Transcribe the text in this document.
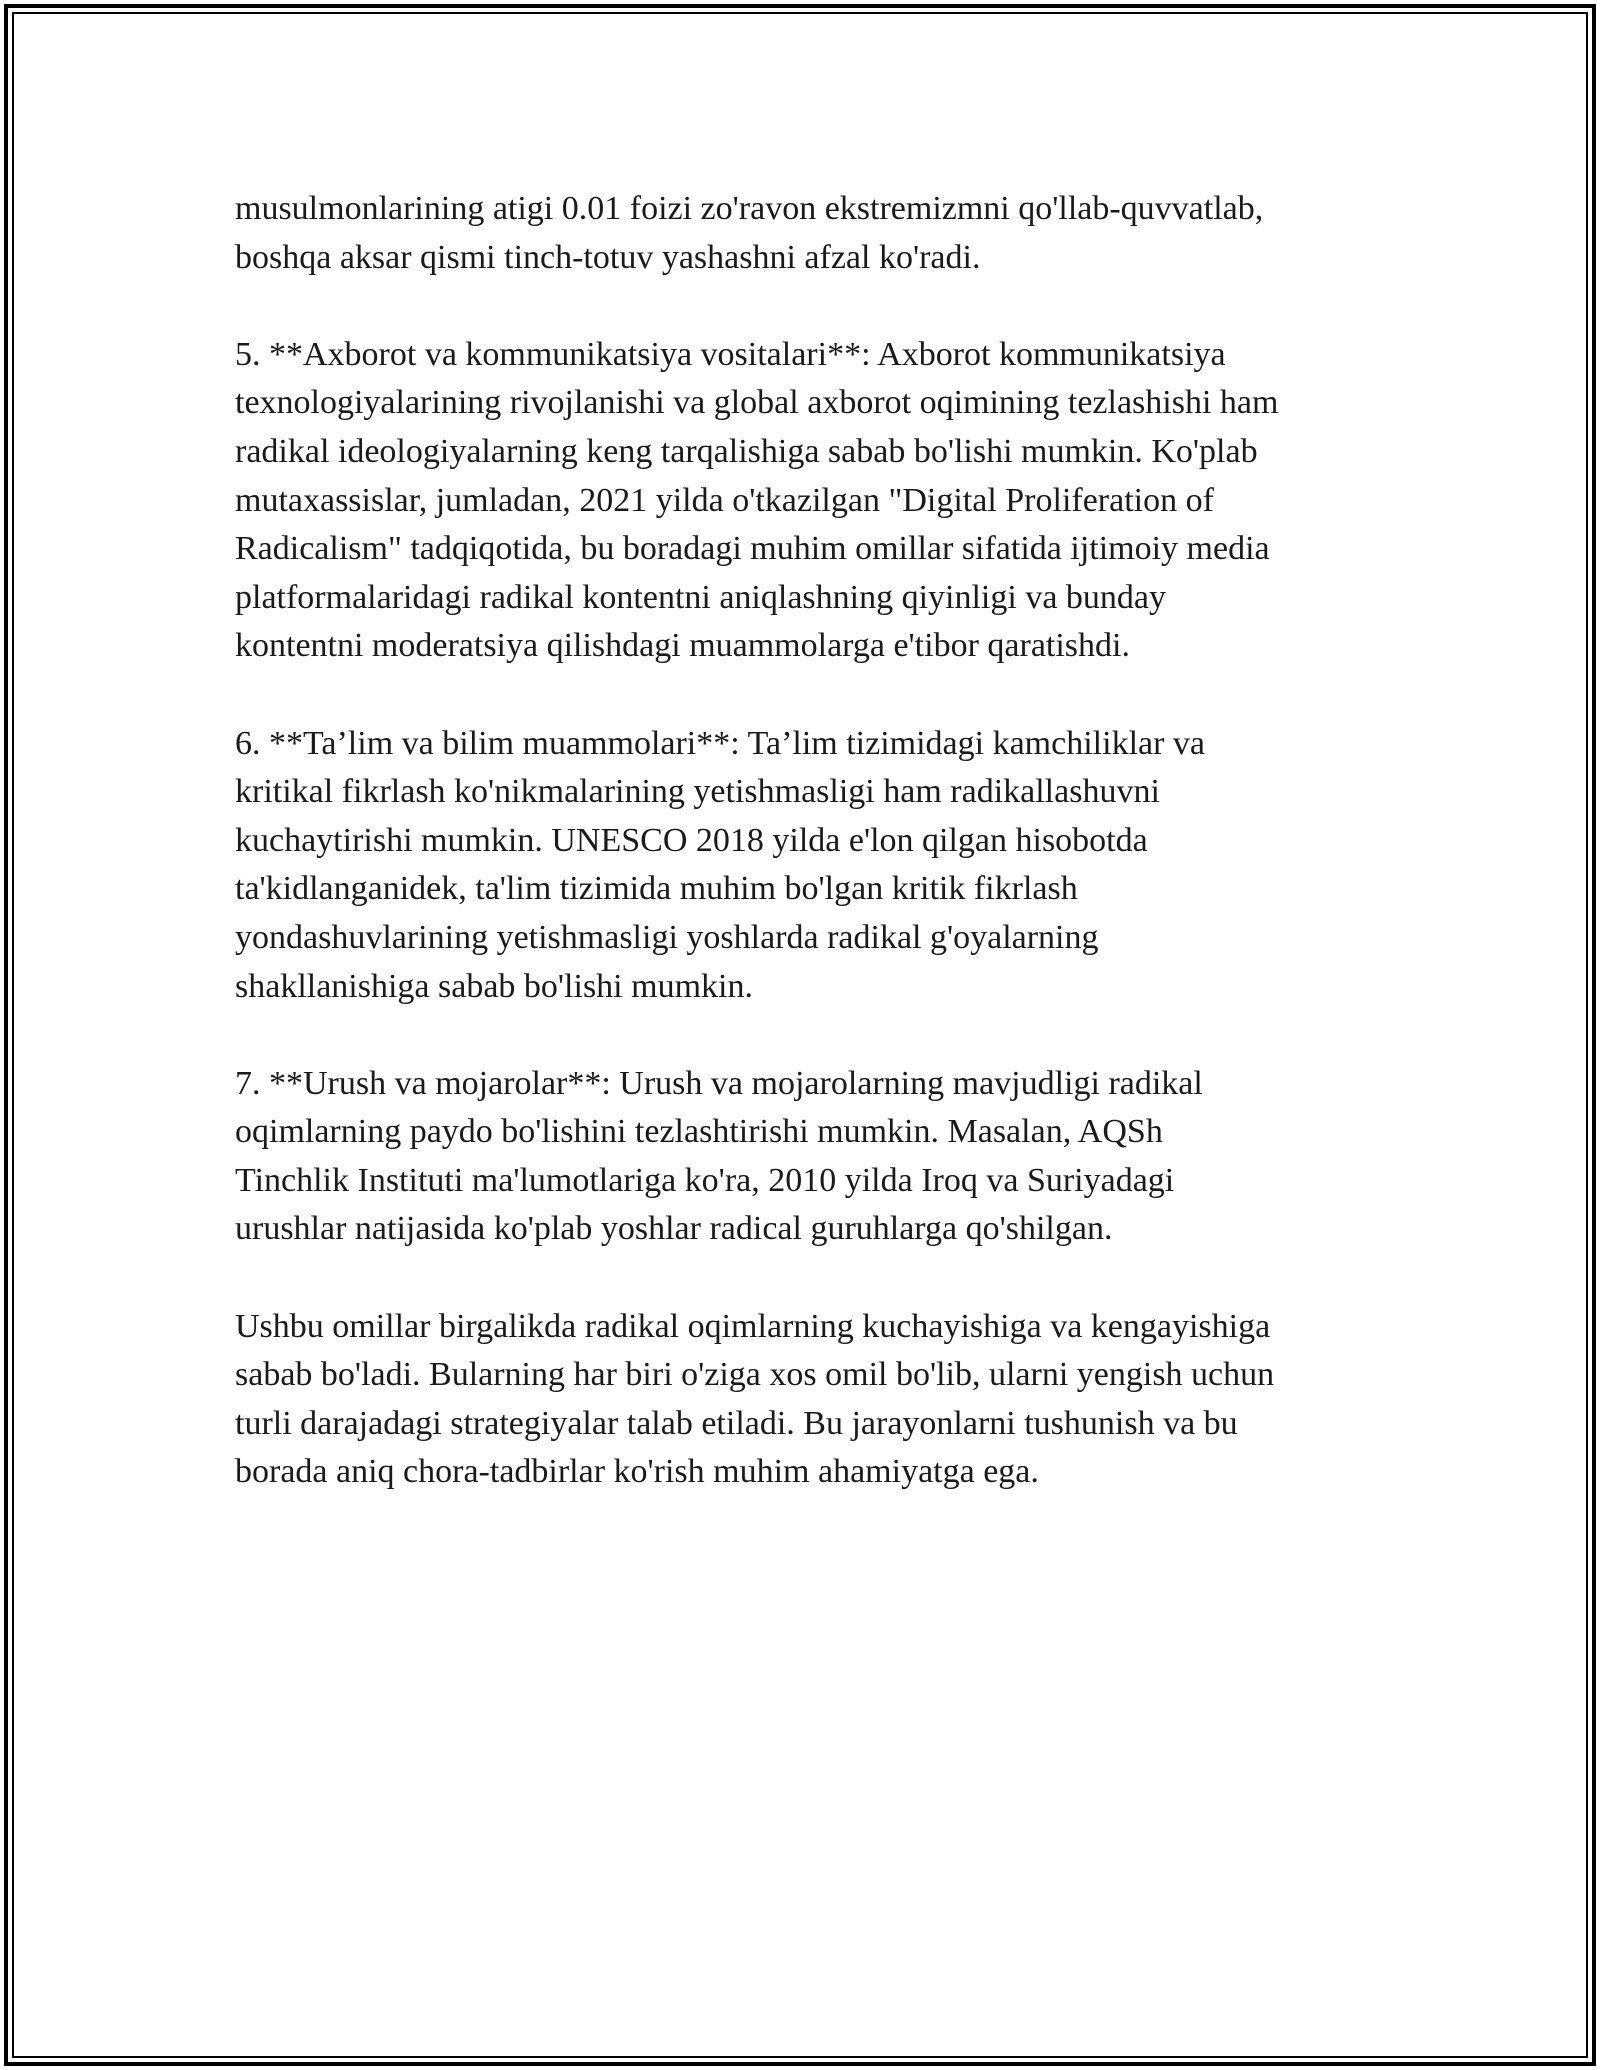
musulmonlarining atigi 0.01 foizi zo'ravon ekstremizmni qo'llab-quvvatlab,
boshqa aksar qismi tinch-totuv yashashni afzal ko'radi.

5. **Axborot va kommunikatsiya vositalari**: Axborot kommunikatsiya
texnologiyalarining rivojlanishi va global axborot oqimining tezlashishi ham
radikal ideologiyalarning keng tarqalishiga sabab bo'lishi mumkin. Ko'plab
mutaxassislar, jumladan, 2021 yilda o'tkazilgan "Digital Proliferation of
Radicalism" tadqiqotida, bu boradagi muhim omillar sifatida ijtimoiy media
platformalaridagi radikal kontentni aniqlashning qiyinligi va bunday
kontentni moderatsiya qilishdagi muammolarga e'tibor qaratishdi.

6. **Ta’lim va bilim muammolari**: Ta’lim tizimidagi kamchiliklar va
kritikal fikrlash ko'nikmalarining yetishmasligi ham radikallashuvni
kuchaytirishi mumkin. UNESCO 2018 yilda e'lon qilgan hisobotda
ta'kidlanganidek, ta'lim tizimida muhim bo'lgan kritik fikrlash
yondashuvlarining yetishmasligi yoshlarda radikal g'oyalarning
shakllanishiga sabab bo'lishi mumkin.

7. **Urush va mojarolar**: Urush va mojarolarning mavjudligi radikal
oqimlarning paydo bo'lishini tezlashtirishi mumkin. Masalan, AQSh
Tinchlik Instituti ma'lumotlariga ko'ra, 2010 yilda Iroq va Suriyadagi
urushlar natijasida ko'plab yoshlar radical guruhlarga qo'shilgan.

Ushbu omillar birgalikda radikal oqimlarning kuchayishiga va kengayishiga
sabab bo'ladi. Bularning har biri o'ziga xos omil bo'lib, ularni yengish uchun
turli darajadagi strategiyalar talab etiladi. Bu jarayonlarni tushunish va bu
borada aniq chora-tadbirlar ko'rish muhim ahamiyatga ega.
